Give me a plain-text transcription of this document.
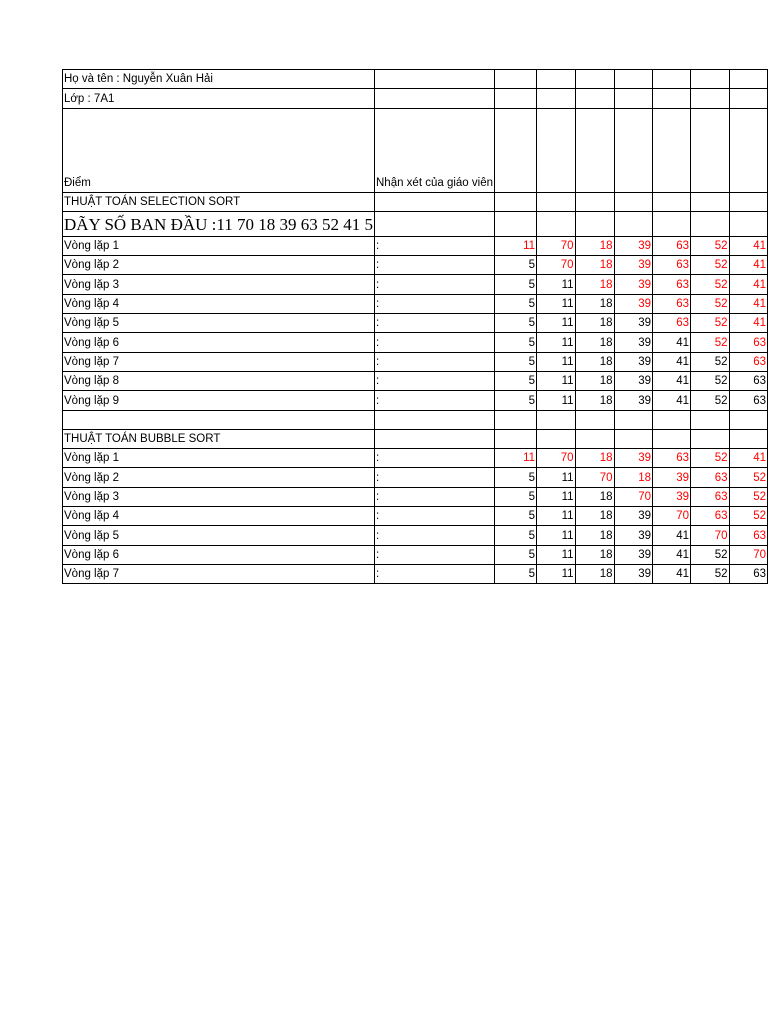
Họ và tên : Nguyễn Xuân Hải								
Lớp : 7A1								
Điểm	Nhận xét của giáo viên							
THUẬT TOÁN SELECTION SORT								
DÃY SỐ BAN ĐẦU :11 70 18 39 63 52 41 5								
Vòng lặp 1	:	11	70	18	39	63	52	41
Vòng lặp 2	:	5	70	18	39	63	52	41
Vòng lặp 3	:	5	11	18	39	63	52	41
Vòng lặp 4	:	5	11	18	39	63	52	41
Vòng lặp 5	:	5	11	18	39	63	52	41
Vòng lặp 6	:	5	11	18	39	41	52	63
Vòng lặp 7	:	5	11	18	39	41	52	63
Vòng lặp 8	:	5	11	18	39	41	52	63
Vòng lặp 9	:	5	11	18	39	41	52	63

THUẬT TOÁN BUBBLE SORT								
Vòng lặp 1	:	11	70	18	39	63	52	41
Vòng lặp 2	:	5	11	70	18	39	63	52
Vòng lặp 3	:	5	11	18	70	39	63	52
Vòng lặp 4	:	5	11	18	39	70	63	52
Vòng lặp 5	:	5	11	18	39	41	70	63
Vòng lặp 6	:	5	11	18	39	41	52	70
Vòng lặp 7	:	5	11	18	39	41	52	63
